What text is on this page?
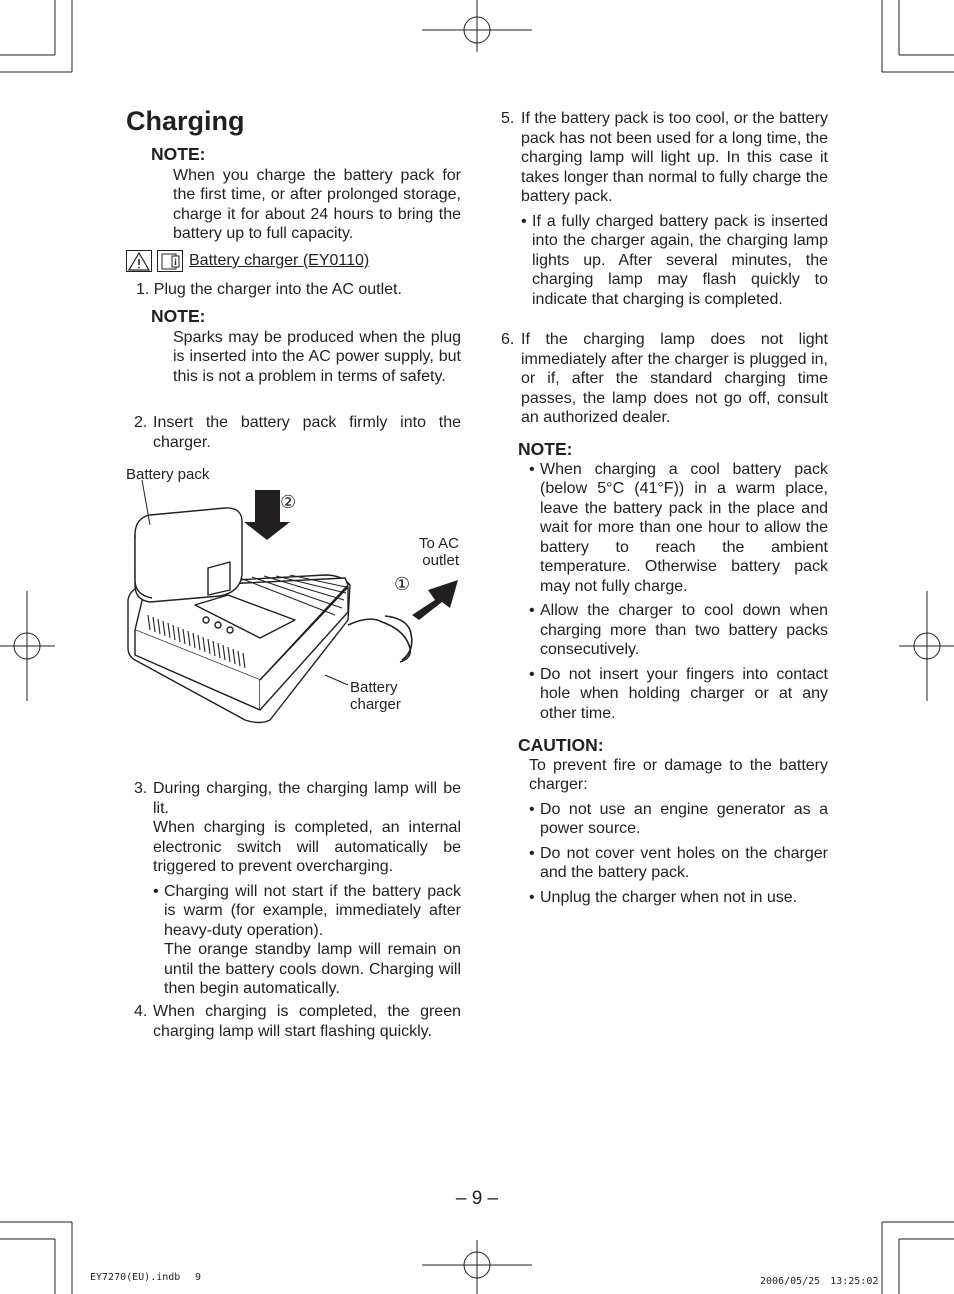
Charging
NOTE:
When you charge the battery pack for the first time, or after prolonged storage, charge it for about 24 hours to bring the battery up to full capacity.
i Battery charger (EY0110)
1. Plug the charger into the AC outlet.
NOTE:
Sparks may be produced when the plug is inserted into the AC power supply, but this is not a problem in terms of safety.
2. Insert the battery pack firmly into the charger.
Battery pack
To AC outlet
Battery charger
②
①
3. During charging, the charging lamp will be lit.
When charging is completed, an internal electronic switch will automatically be triggered to prevent overcharging.
• Charging will not start if the battery pack is warm (for example, immediately after heavy-duty operation).
The orange standby lamp will remain on until the battery cools down. Charging will then begin automatically.
4. When charging is completed, the green charging lamp will start flashing quickly.
5. If the battery pack is too cool, or the battery pack has not been used for a long time, the charging lamp will light up. In this case it takes longer than normal to fully charge the battery pack.
• If a fully charged battery pack is inserted into the charger again, the charging lamp lights up. After several minutes, the charging lamp may flash quickly to indicate that charging is completed.
6. If the charging lamp does not light immediately after the charger is plugged in, or if, after the standard charging time passes, the lamp does not go off, consult an authorized dealer.
NOTE:
• When charging a cool battery pack (below 5°C (41°F)) in a warm place, leave the battery pack in the place and wait for more than one hour to allow the battery to reach the ambient temperature. Otherwise battery pack may not fully charge.
• Allow the charger to cool down when charging more than two battery packs consecutively.
• Do not insert your fingers into contact hole when holding charger or at any other time.
CAUTION:
To prevent fire or damage to the battery charger:
• Do not use an engine generator as a power source.
• Do not cover vent holes on the charger and the battery pack.
• Unplug the charger when not in use.
– 9 –
EY7270(EU).indb 9	2006/05/25　13:25:02
